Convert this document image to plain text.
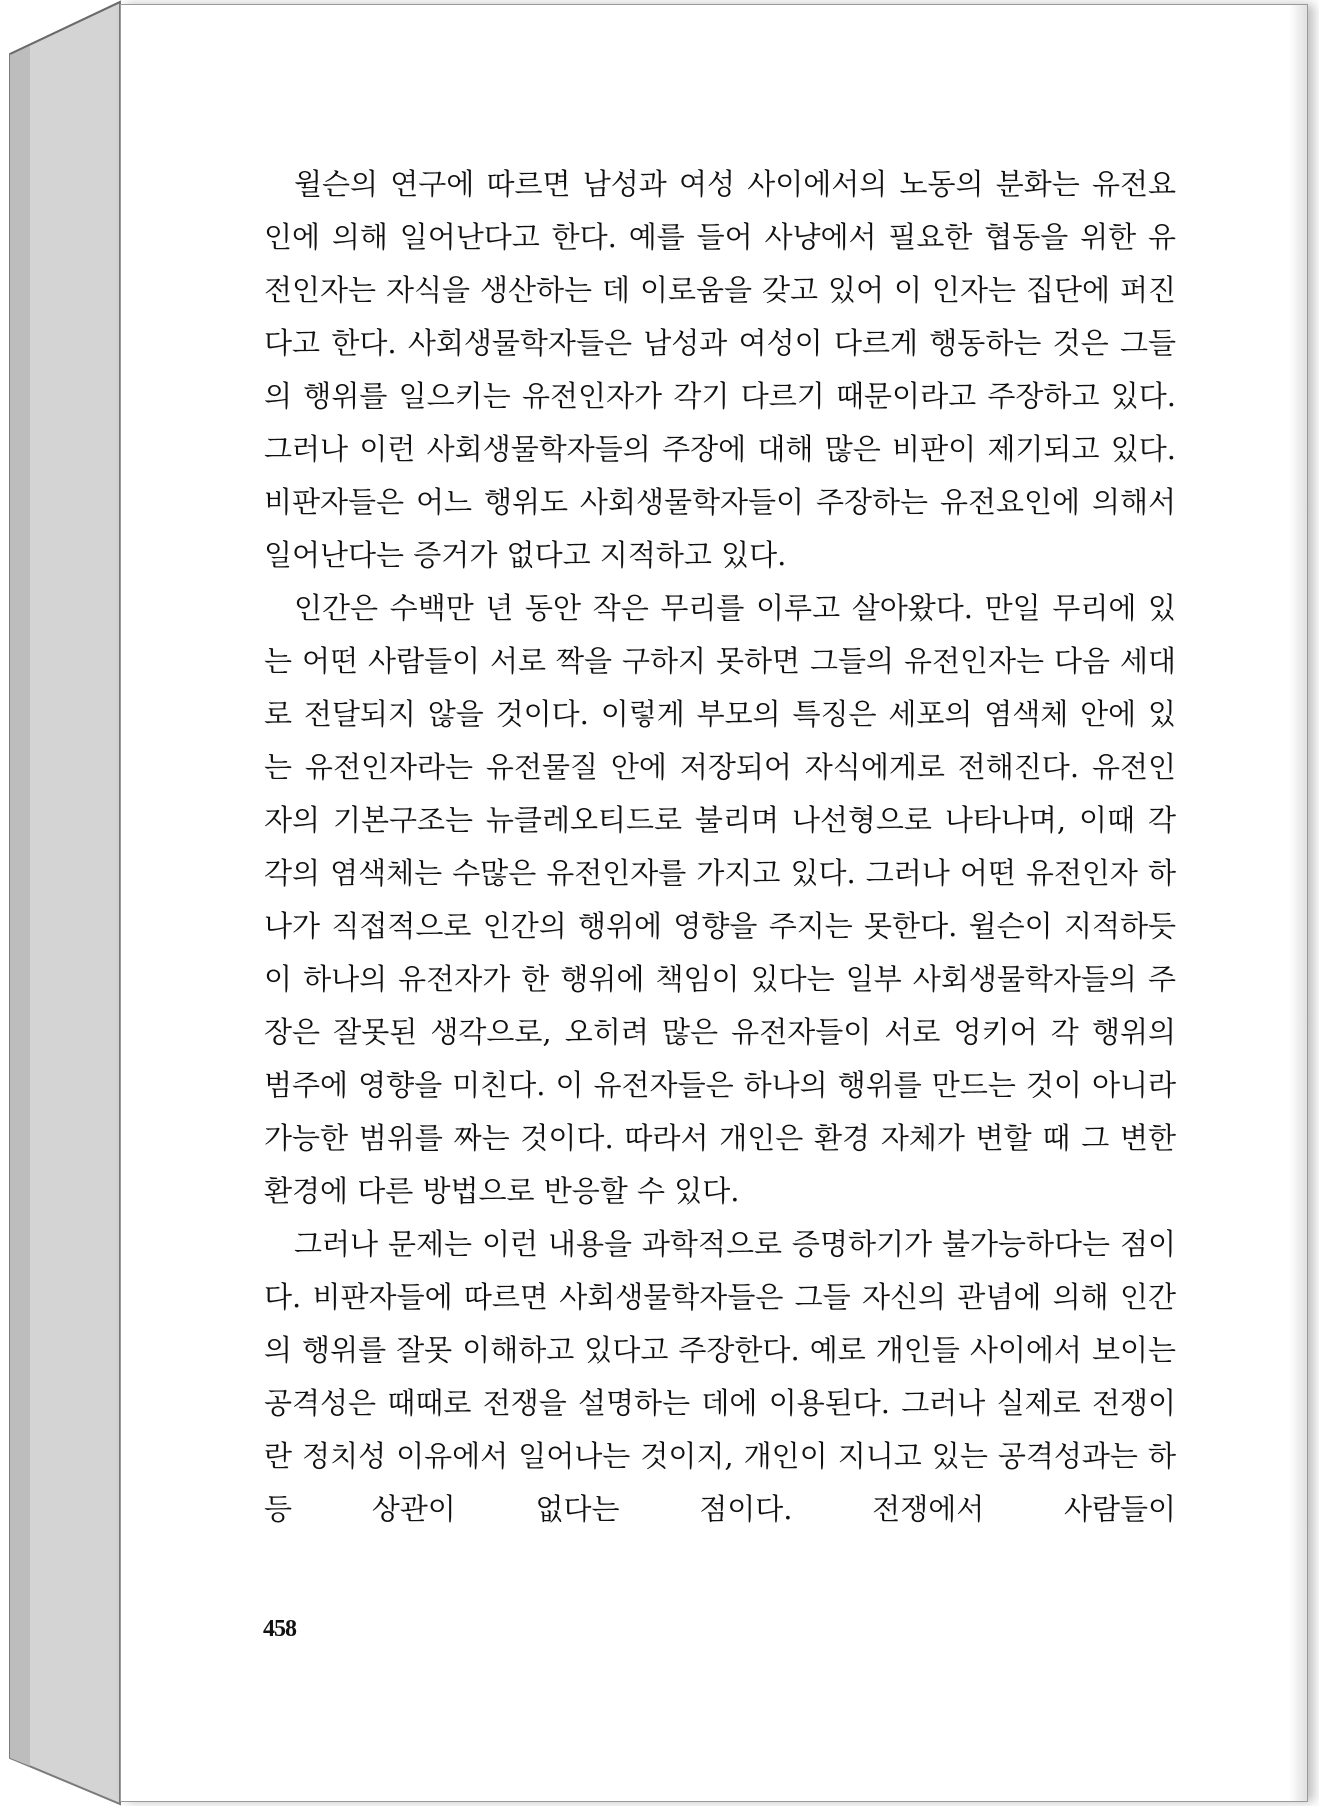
윌슨의 연구에 따르면 남성과 여성 사이에서의 노동의 분화는 유전요인에 의해 일어난다고 한다. 예를 들어 사냥에서 필요한 협동을 위한 유전인자는 자식을 생산하는 데 이로움을 갖고 있어 이 인자는 집단에 퍼진다고 한다. 사회생물학자들은 남성과 여성이 다르게 행동하는 것은 그들의 행위를 일으키는 유전인자가 각기 다르기 때문이라고 주장하고 있다. 그러나 이런 사회생물학자들의 주장에 대해 많은 비판이 제기되고 있다. 비판자들은 어느 행위도 사회생물학자들이 주장하는 유전요인에 의해서 일어난다는 증거가 없다고 지적하고 있다.

인간은 수백만 년 동안 작은 무리를 이루고 살아왔다. 만일 무리에 있는 어떤 사람들이 서로 짝을 구하지 못하면 그들의 유전인자는 다음 세대로 전달되지 않을 것이다. 이렇게 부모의 특징은 세포의 염색체 안에 있는 유전인자라는 유전물질 안에 저장되어 자식에게로 전해진다. 유전인자의 기본구조는 뉴클레오티드로 불리며 나선형으로 나타나며, 이때 각각의 염색체는 수많은 유전인자를 가지고 있다. 그러나 어떤 유전인자 하나가 직접적으로 인간의 행위에 영향을 주지는 못한다. 윌슨이 지적하듯이 하나의 유전자가 한 행위에 책임이 있다는 일부 사회생물학자들의 주장은 잘못된 생각으로, 오히려 많은 유전자들이 서로 엉키어 각 행위의 범주에 영향을 미친다. 이 유전자들은 하나의 행위를 만드는 것이 아니라 가능한 범위를 짜는 것이다. 따라서 개인은 환경 자체가 변할 때 그 변한 환경에 다른 방법으로 반응할 수 있다.

그러나 문제는 이런 내용을 과학적으로 증명하기가 불가능하다는 점이다. 비판자들에 따르면 사회생물학자들은 그들 자신의 관념에 의해 인간의 행위를 잘못 이해하고 있다고 주장한다. 예로 개인들 사이에서 보이는 공격성은 때때로 전쟁을 설명하는 데에 이용된다. 그러나 실제로 전쟁이란 정치성 이유에서 일어나는 것이지, 개인이 지니고 있는 공격성과는 하등 상관이 없다는 점이다. 전쟁에서 사람들이

458
